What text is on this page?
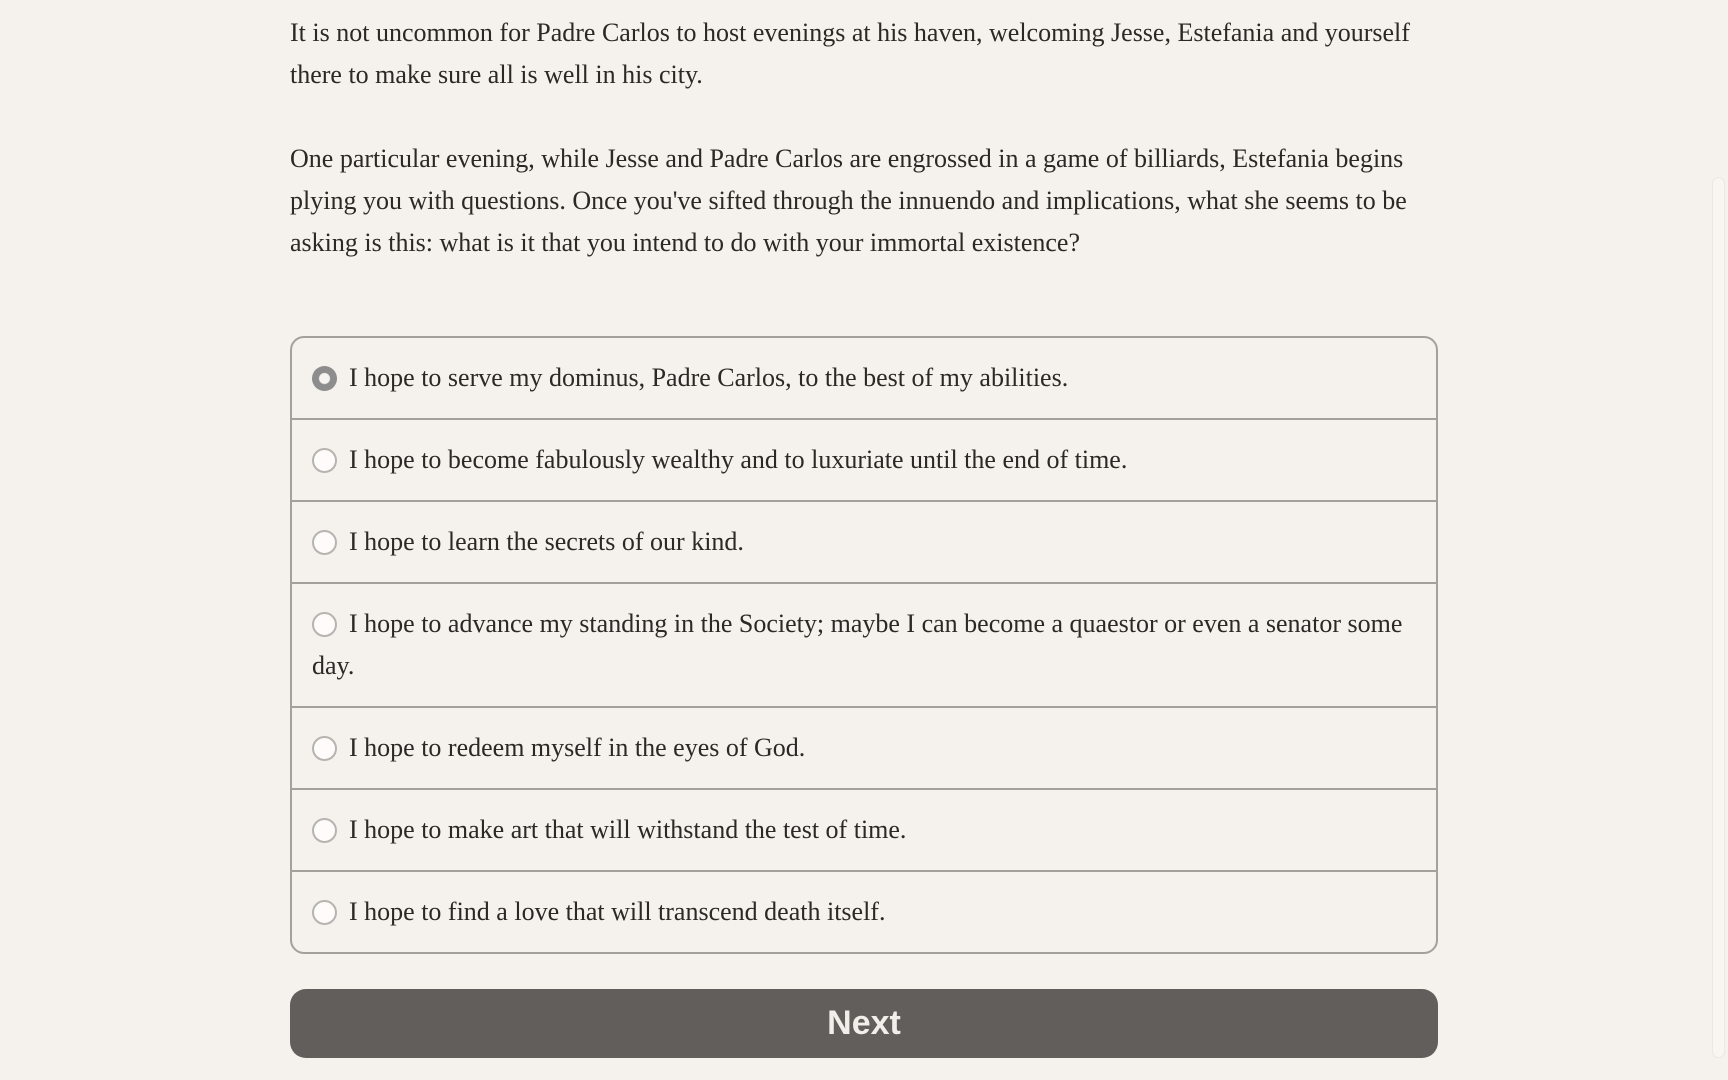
It is not uncommon for Padre Carlos to host evenings at his haven, welcoming Jesse, Estefania and yourself there to make sure all is well in his city.

One particular evening, while Jesse and Padre Carlos are engrossed in a game of billiards, Estefania begins plying you with questions. Once you've sifted through the innuendo and implications, what she seems to be asking is this: what is it that you intend to do with your immortal existence?

I hope to serve my dominus, Padre Carlos, to the best of my abilities.
I hope to become fabulously wealthy and to luxuriate until the end of time.
I hope to learn the secrets of our kind.
I hope to advance my standing in the Society; maybe I can become a quaestor or even a senator some day.
I hope to redeem myself in the eyes of God.
I hope to make art that will withstand the test of time.
I hope to find a love that will transcend death itself.
Next
